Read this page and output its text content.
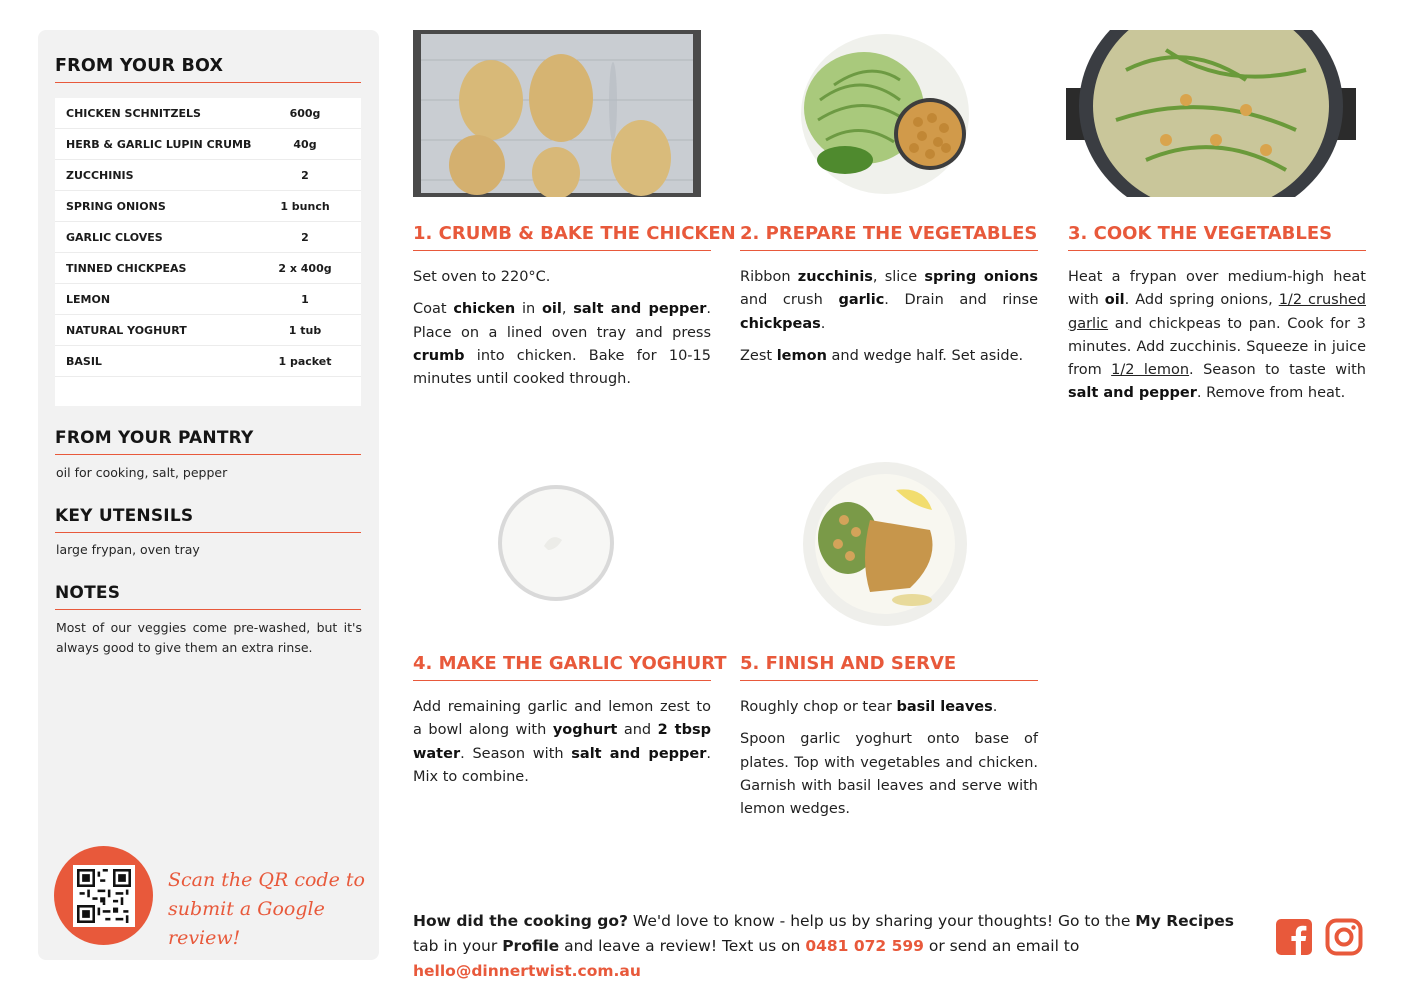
FROM YOUR BOX
CHICKEN SCHNITZELS	600g
HERB & GARLIC LUPIN CRUMB	40g
ZUCCHINIS	2
SPRING ONIONS	1 bunch
GARLIC CLOVES	2
TINNED CHICKPEAS	2 x 400g
LEMON	1
NATURAL YOGHURT	1 tub
BASIL	1 packet
FROM YOUR PANTRY
oil for cooking, salt, pepper
KEY UTENSILS
large frypan, oven tray
NOTES
Most of our veggies come pre-washed, but it's always good to give them an extra rinse.
Scan the QR code to
submit a Google review!
1. CRUMB & BAKE THE CHICKEN

Set oven to 220°C.

Coat chicken in oil, salt and pepper. Place on a lined oven tray and press crumb into chicken. Bake for 10-15 minutes until cooked through.

2. PREPARE THE VEGETABLES

Ribbon zucchinis, slice spring onions and crush garlic. Drain and rinse chickpeas.

Zest lemon and wedge half. Set aside.

3. COOK THE VEGETABLES

Heat a frypan over medium-high heat with oil. Add spring onions, 1/2 crushed garlic and chickpeas to pan. Cook for 3 minutes. Add zucchinis. Squeeze in juice from 1/2 lemon. Season to taste with salt and pepper. Remove from heat.

4. MAKE THE GARLIC YOGHURT

Add remaining garlic and lemon zest to a bowl along with yoghurt and 2 tbsp water. Season with salt and pepper. Mix to combine.

5. FINISH AND SERVE

Roughly chop or tear basil leaves.

Spoon garlic yoghurt onto base of plates. Top with vegetables and chicken. Garnish with basil leaves and serve with lemon wedges.

How did the cooking go? We'd love to know - help us by sharing your thoughts! Go to the My Recipes tab in your Profile and leave a review! Text us on 0481 072 599 or send an email to hello@dinnertwist.com.au
